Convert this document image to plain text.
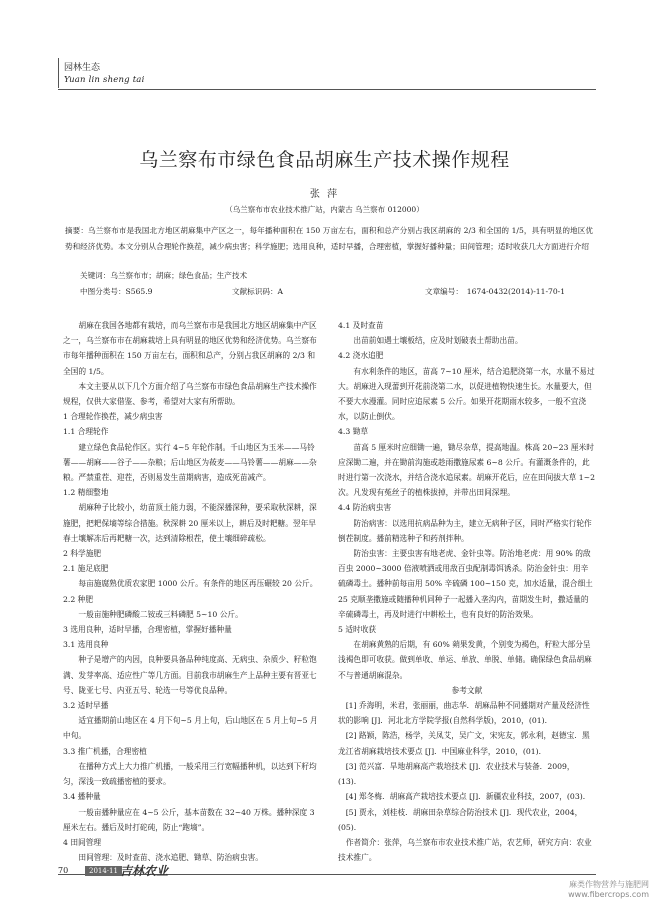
园林生态
Yuan lin sheng tai
乌兰察布市绿色食品胡麻生产技术操作规程
张 萍
（乌兰察布市农业技术推广站，内蒙古 乌兰察布 012000）
摘要：乌兰察布市是我国北方地区胡麻集中产区之一，每年播种面积在 150 万亩左右，面积和总产分别占我区胡麻的 2/3 和全国的 1/5，具有明显的地区优势和经济优势。本文分别从合理轮作换茬，减少病虫害；科学施肥；选用良种，适时早播，合理密植，掌握好播种量；田间管理；适时收获几大方面进行介绍
关键词：乌兰察布市；胡麻；绿色食品；生产技术
中图分类号：S565.9	文献标识码：A	文章编号：　1674-0432(2014)-11-70-1

胡麻在我国各地都有栽培，而乌兰察布市是我国北方地区胡麻集中产区之一，乌兰察布市在胡麻栽培上具有明显的地区优势和经济优势。乌兰察布市每年播种面积在 150 万亩左右，面积和总产，分别占我区胡麻的 2/3 和全国的 1/5。

本文主要从以下几个方面介绍了乌兰察布市绿色食品胡麻生产技术操作规程，仅供大家借鉴、参考，希望对大家有所帮助。

1 合理轮作换茬，减少病虫害

1.1 合理轮作

建立绿色食品轮作区。实行 4~5 年轮作制。千山地区为玉米——马铃薯——胡麻——谷子——杂粮；后山地区为莜麦——马铃薯——胡麻——杂粮。严禁重茬、迎茬，否则易发生苗期病害，造成死苗减产。

1.2 精细整地

胡麻种子比较小，幼苗顶土能力弱，不能深播深种，要采取秋深耕，深施肥，把耙保墒等综合措施。秋深耕 20 厘米以上，耕后及时耙糖。翌年早春土壤解冻后再耙糖一次，达到清除根茬，使土壤细碎疏松。

2 科学施肥

2.1 施足底肥

每亩施腐熟优质农家肥 1000 公斤。有条件的地区再压碾较 20 公斤。

2.2 种肥

一般亩施种肥磷酸二铵或三料磷肥 5~10 公斤。

3 选用良种，适时早播，合理密植，掌握好播种量

3.1 选用良种

种子是增产的内因，良种要具备品种纯度高、无病虫、杂质少、籽粒饱满、发芽率高、适应性广等几方面。目前我市胡麻生产上品种主要有晋亚七号、陇亚七号、内亚五号、轮选一号等优良品种。

3.2 适时早播

适宜播期前山地区在 4 月下旬~5 月上旬，后山地区在 5 月上旬~5 月中旬。

3.3 推广机播，合理密植

在播种方式上大力推广机播，一般采用三行宽幅播种机，以达到下籽均匀，深浅一致疏播密植的要求。

3.4 播种量

一般亩播种量应在 4~5 公斤，基本苗数在 32~40 万株。播种深度 3 厘米左右。播后及时打砣砘，防止“跑墒”。

4 田间管理

田间管理：及时查苗、浇水追肥、锄草、防治病虫害。

4.1 及时查苗

出苗前如遇土壤板结，应及时划破表土帮助出苗。

4.2 浇水追肥

有水利条件的地区，苗高 7~10 厘米，结合追肥浇第一水，水量不易过大。胡麻进入现蕾到开花前浇第二水，以促进植物快速生长。水量要大，但不要大水漫灌。同时应追尿素 5 公斤。如果开花期雨水较多，一般不宜浇水，以防止倒伏。

4.3 锄草

苗高 5 厘米时应细锄一遍，锄尽杂草，提高地温。株高 20~23 厘米时应深锄二遍，并在锄前沟施或趁雨撒施尿素 6~8 公斤。有灌溉条件的，此时进行第一次浇水，并结合浇水追尿素。胡麻开花后，应在田间拔大草 1~2 次。凡发现有菟丝子的植株拔掉，并带出田间深埋。

4.4 防治病虫害

防治病害：以选用抗病品种为主，建立无病种子区，同时严格实行轮作倒茬制度。播前精选种子和药剂拌种。

防治虫害：主要虫害有地老虎、金针虫等。防治地老虎：用 90% 的敌百虫 2000~3000 倍液喷洒或用敌百虫配制毒饵诱杀。防治金针虫：用辛硫磷毒土。播种前每亩用 50% 辛硫磷 100~150 克，加水适量，混合细土 25 克顺垄撒施或随播种机同种子一起播入垄沟内，苗期发生时，撒适量的辛硫磷毒土，再及时进行中耕松土，也有良好的防治效果。

5 适时收获

在胡麻黄熟的后期，有 60% 蒴果发黄，个别变为褐色，籽粒大部分呈浅褐色即可收获。做到单收、单运、单放、单脱、单储。确保绿色食品胡麻不与普通胡麻混杂。

参考文献

[1] 乔海明，米君，张丽丽，曲志华．胡麻品种不同播期对产量及经济性状的影响 [J]．河北北方学院学报(自然科学版)，2010，(01)．

[2] 路颖，陈浩，杨学，关凤艾，吴广文，宋宪友，郭永利，赵德宝．黑龙江省胡麻栽培技术要点 [J]．中国麻业科学，2010，(01)．

[3] 范兴富．旱地胡麻高产栽培技术 [J]．农业技术与装备．2009，(13)．

[4] 郑冬梅．胡麻高产栽培技术要点 [J]．新疆农业科技，2007，(03)．

[5] 贾永，刘桂枝．胡麻田杂草综合防治技术 [J]．现代农业，2004，(05)．

作者简介：张萍，乌兰察布市农业技术推广站，农艺师，研究方向：农业技术推广。

70	2014·11 吉林农业
麻类作物营养与施肥网 www.fibercrops.com
